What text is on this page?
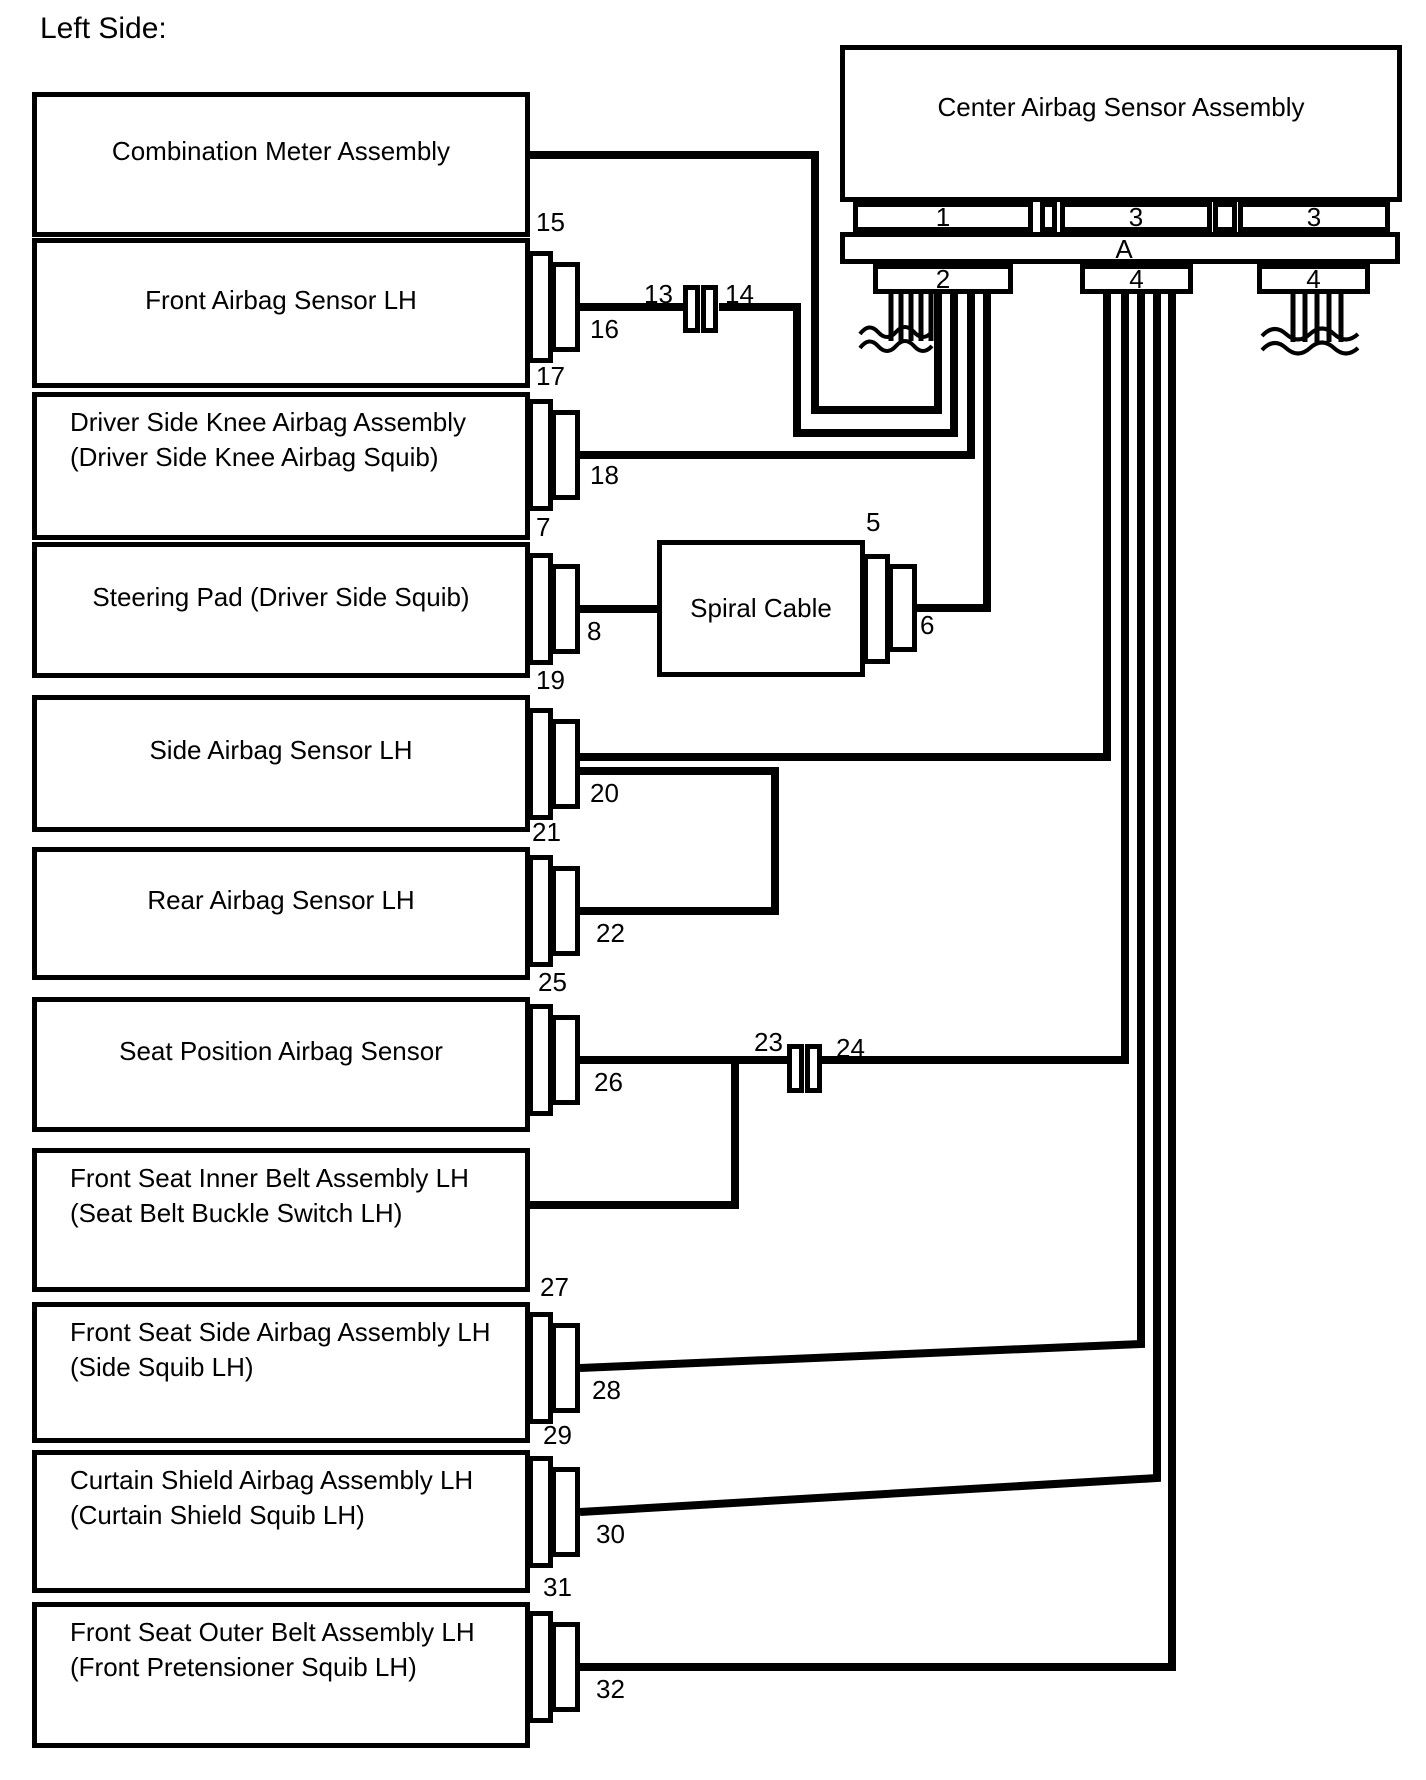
Left Side:
Center Airbag Sensor Assembly
1	3	3
A
2	4	4
Combination Meter Assembly
Front Airbag Sensor LH
Driver Side Knee Airbag Assembly
(Driver Side Knee Airbag Squib)
Steering Pad (Driver Side Squib)
Side Airbag Sensor LH
Rear Airbag Sensor LH
Seat Position Airbag Sensor
Front Seat Inner Belt Assembly LH
(Seat Belt Buckle Switch LH)
Front Seat Side Airbag Assembly LH
(Side Squib LH)
Curtain Shield Airbag Assembly LH
(Curtain Shield Squib LH)
Front Seat Outer Belt Assembly LH
(Front Pretensioner Squib LH)
Spiral Cable
15
16
17
18
7
8
19
20
21
22
25
26
27
28
29
30
31
32
13 14
23 24
5
6
